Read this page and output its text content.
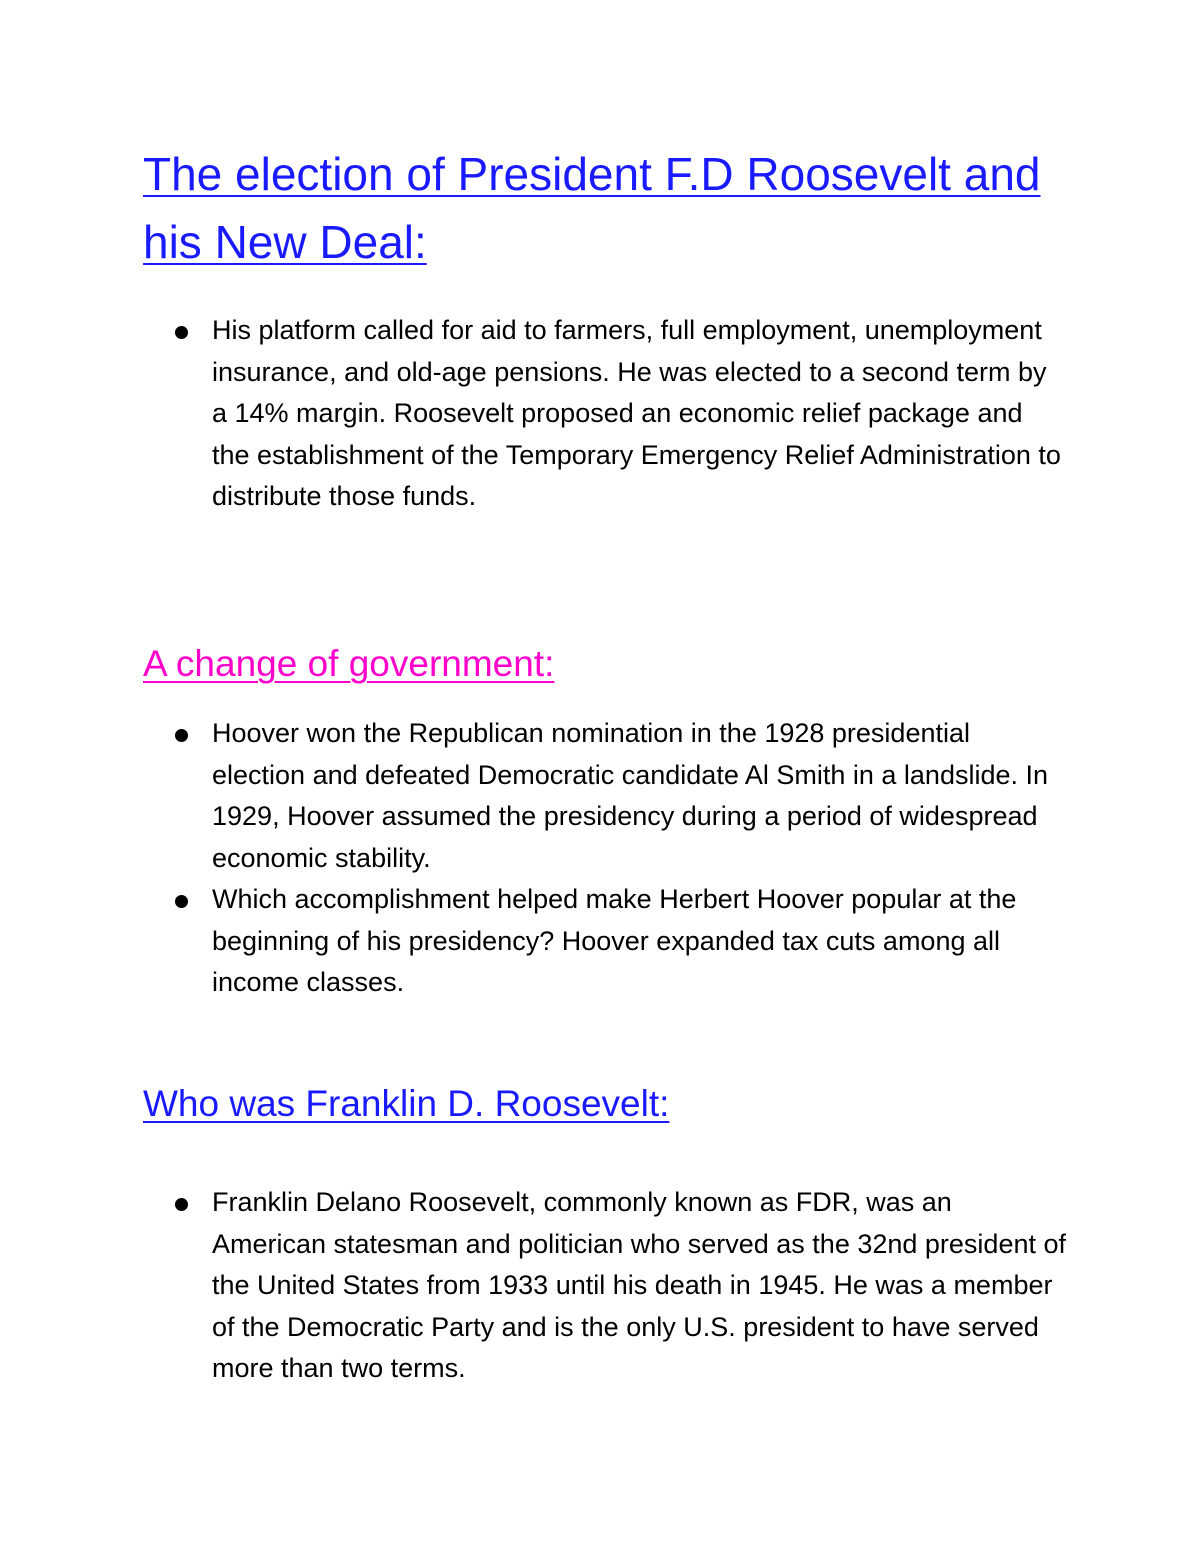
The election of President F.D Roosevelt and his New Deal:
His platform called for aid to farmers, full employment, unemployment insurance, and old-age pensions. He was elected to a second term by a 14% margin. Roosevelt proposed an economic relief package and the establishment of the Temporary Emergency Relief Administration to distribute those funds.
A change of government:
Hoover won the Republican nomination in the 1928 presidential election and defeated Democratic candidate Al Smith in a landslide. In 1929, Hoover assumed the presidency during a period of widespread economic stability.
Which accomplishment helped make Herbert Hoover popular at the beginning of his presidency? Hoover expanded tax cuts among all income classes.
Who was Franklin D. Roosevelt:
Franklin Delano Roosevelt, commonly known as FDR, was an American statesman and politician who served as the 32nd president of the United States from 1933 until his death in 1945. He was a member of the Democratic Party and is the only U.S. president to have served more than two terms.
